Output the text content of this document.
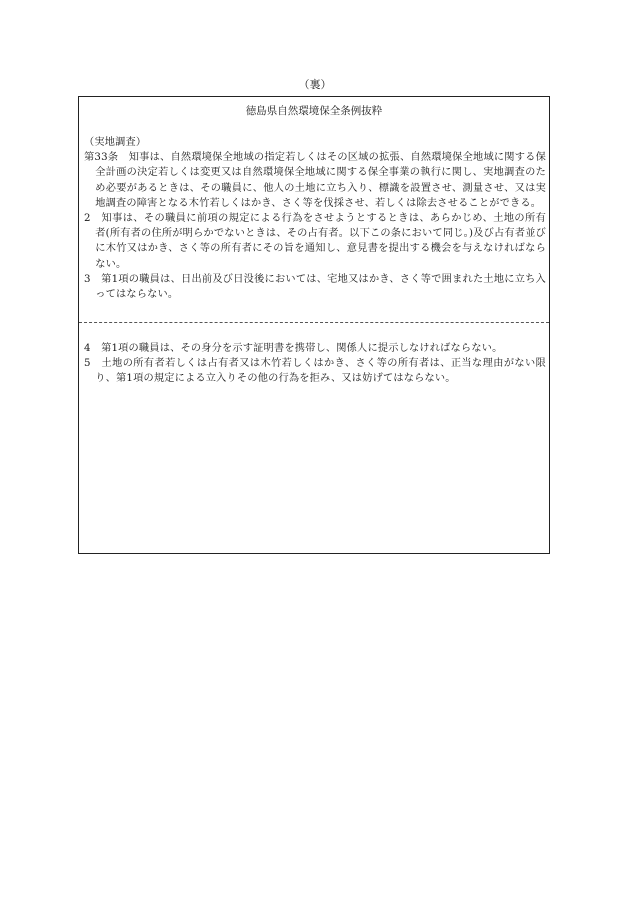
（裏）
徳島県自然環境保全条例抜粋

（実地調査）

第33条　知事は、自然環境保全地域の指定若しくはその区域の拡張、自然環境保全地域に関する保全計画の決定若しくは変更又は自然環境保全地域に関する保全事業の執行に関し、実地調査のため必要があるときは、その職員に、他人の土地に立ち入り、標識を設置させ、測量させ、又は実地調査の障害となる木竹若しくはかき、さく等を伐採させ、若しくは除去させることができる。

2　知事は、その職員に前項の規定による行為をさせようとするときは、あらかじめ、土地の所有者(所有者の住所が明らかでないときは、その占有者。以下この条において同じ。)及び占有者並びに木竹又はかき、さく等の所有者にその旨を通知し、意見書を提出する機会を与えなければならない。

3　第1項の職員は、日出前及び日没後においては、宅地又はかき、さく等で囲まれた土地に立ち入ってはならない。

4　第1項の職員は、その身分を示す証明書を携帯し、関係人に提示しなければならない。

5　土地の所有者若しくは占有者又は木竹若しくはかき、さく等の所有者は、正当な理由がない限り、第1項の規定による立入りその他の行為を拒み、又は妨げてはならない。
